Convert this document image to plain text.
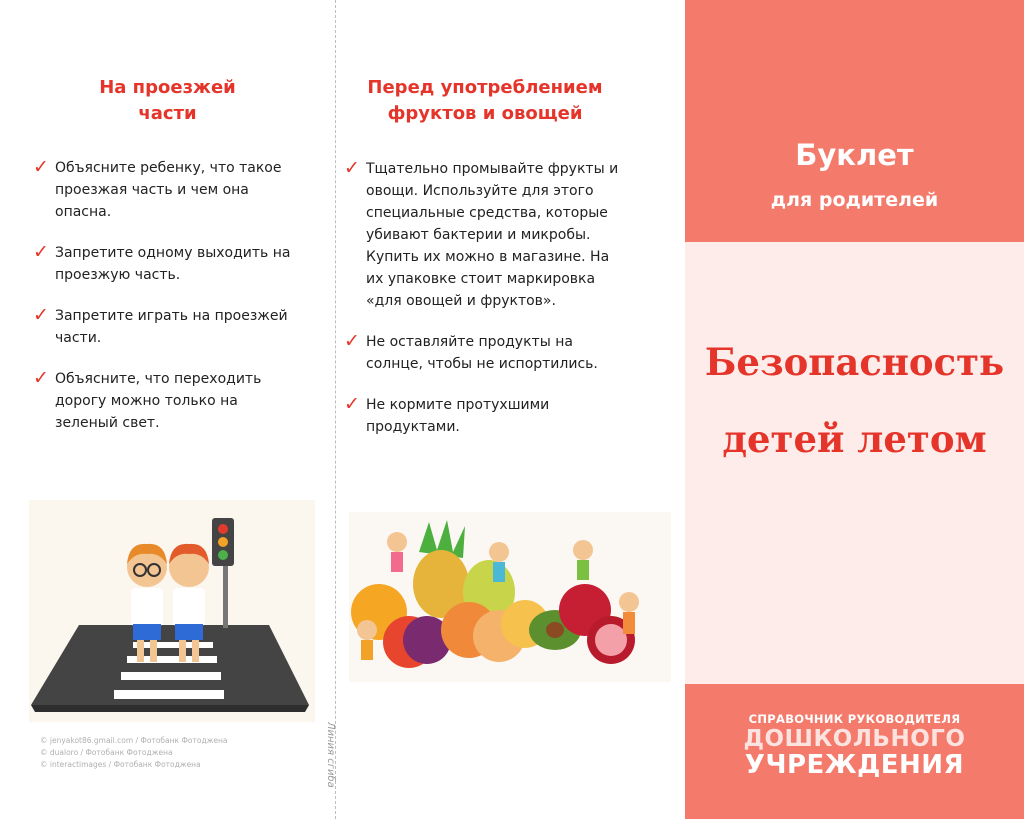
Линия сгиба
На проезжей
части
✓ Объясните ребенку, что такое проезжая часть и чем она опасна.
✓ Запретите одному выходить на проезжую часть.
✓ Запретите играть на проезжей части.
✓ Объясните, что переходить дорогу можно только на зеленый свет.
© jenyakot86.gmail.com / Фотобанк Фотоджена
© dualoro / Фотобанк Фотоджена
© interactimages / Фотобанк Фотоджена
Перед употреблением
фруктов и овощей
✓ Тщательно промывайте фрукты и овощи. Используйте для этого специальные средства, которые убивают бактерии и микробы. Купить их можно в магазине. На их упаковке стоит маркировка «для овощей и фруктов».
✓ Не оставляйте продукты на солнце, чтобы не испортились.
✓ Не кормите протухшими продуктами.
Буклет
для родителей
Безопасность
детей летом
СПРАВОЧНИК РУКОВОДИТЕЛЯ
ДОШКОЛЬНОГО
УЧРЕЖДЕНИЯ
